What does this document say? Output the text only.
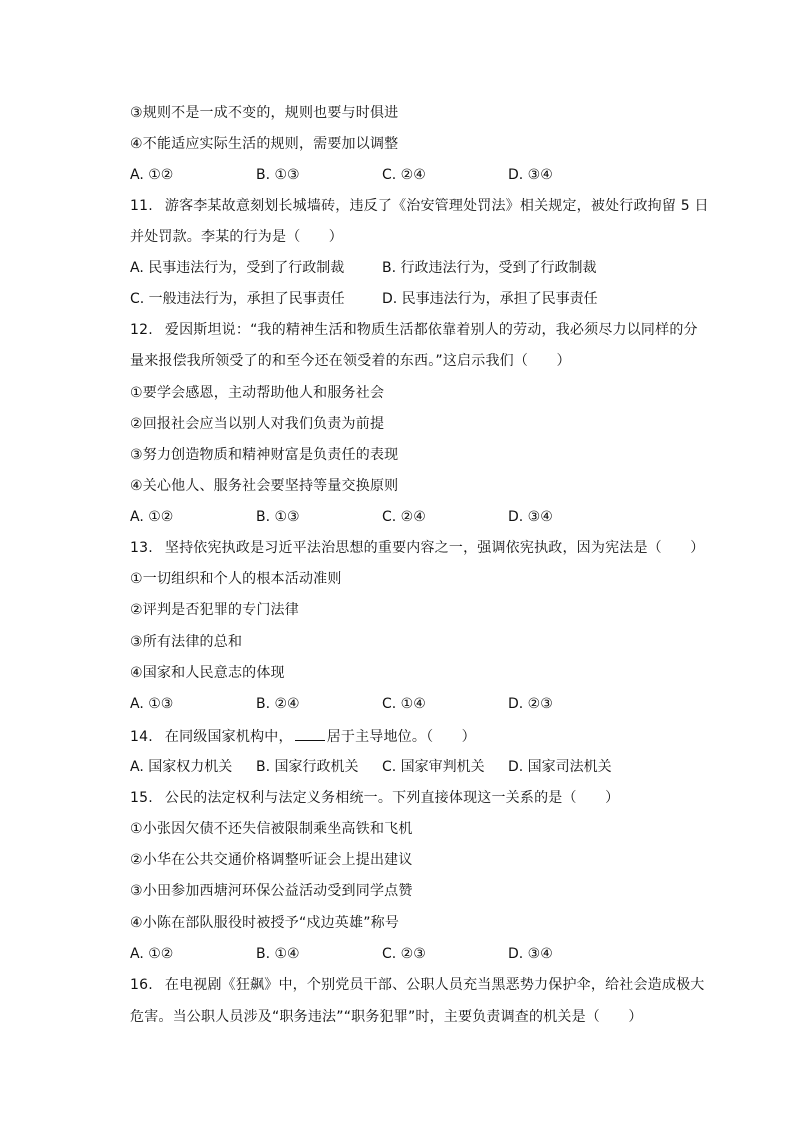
③规则不是一成不变的，规则也要与时俱进
④不能适应实际生活的规则，需要加以调整
A. ①②	B. ①③	C. ②④	D. ③④
11. 游客李某故意刻划长城墙砖，违反了《治安管理处罚法》相关规定，被处行政拘留 5 日
并处罚款。李某的行为是（　　）
A. 民事违法行为，受到了行政制裁	B. 行政违法行为，受到了行政制裁
C. 一般违法行为，承担了民事责任	D. 民事违法行为，承担了民事责任
12. 爱因斯坦说：“我的精神生活和物质生活都依靠着别人的劳动，我必须尽力以同样的分
量来报偿我所领受了的和至今还在领受着的东西。”这启示我们（　　）
①要学会感恩，主动帮助他人和服务社会
②回报社会应当以别人对我们负责为前提
③努力创造物质和精神财富是负责任的表现
④关心他人、服务社会要坚持等量交换原则
A. ①②	B. ①③	C. ②④	D. ③④
13. 坚持依宪执政是习近平法治思想的重要内容之一，强调依宪执政，因为宪法是（　　）
①一切组织和个人的根本活动准则
②评判是否犯罪的专门法律
③所有法律的总和
④国家和人民意志的体现
A. ①③	B. ②④	C. ①④	D. ②③
14. 在同级国家机构中， 居于主导地位。（　　）
A. 国家权力机关 B. 国家行政机关 C. 国家审判机关 D. 国家司法机关
15. 公民的法定权利与法定义务相统一。下列直接体现这一关系的是（　　）
①小张因欠债不还失信被限制乘坐高铁和飞机
②小华在公共交通价格调整听证会上提出建议
③小田参加西塘河环保公益活动受到同学点赞
④小陈在部队服役时被授予“戍边英雄”称号
A. ①②	B. ①④	C. ②③	D. ③④
16. 在电视剧《狂飙》中，个别党员干部、公职人员充当黑恶势力保护伞，给社会造成极大
危害。当公职人员涉及“职务违法”“职务犯罪”时，主要负责调查的机关是（　　）
